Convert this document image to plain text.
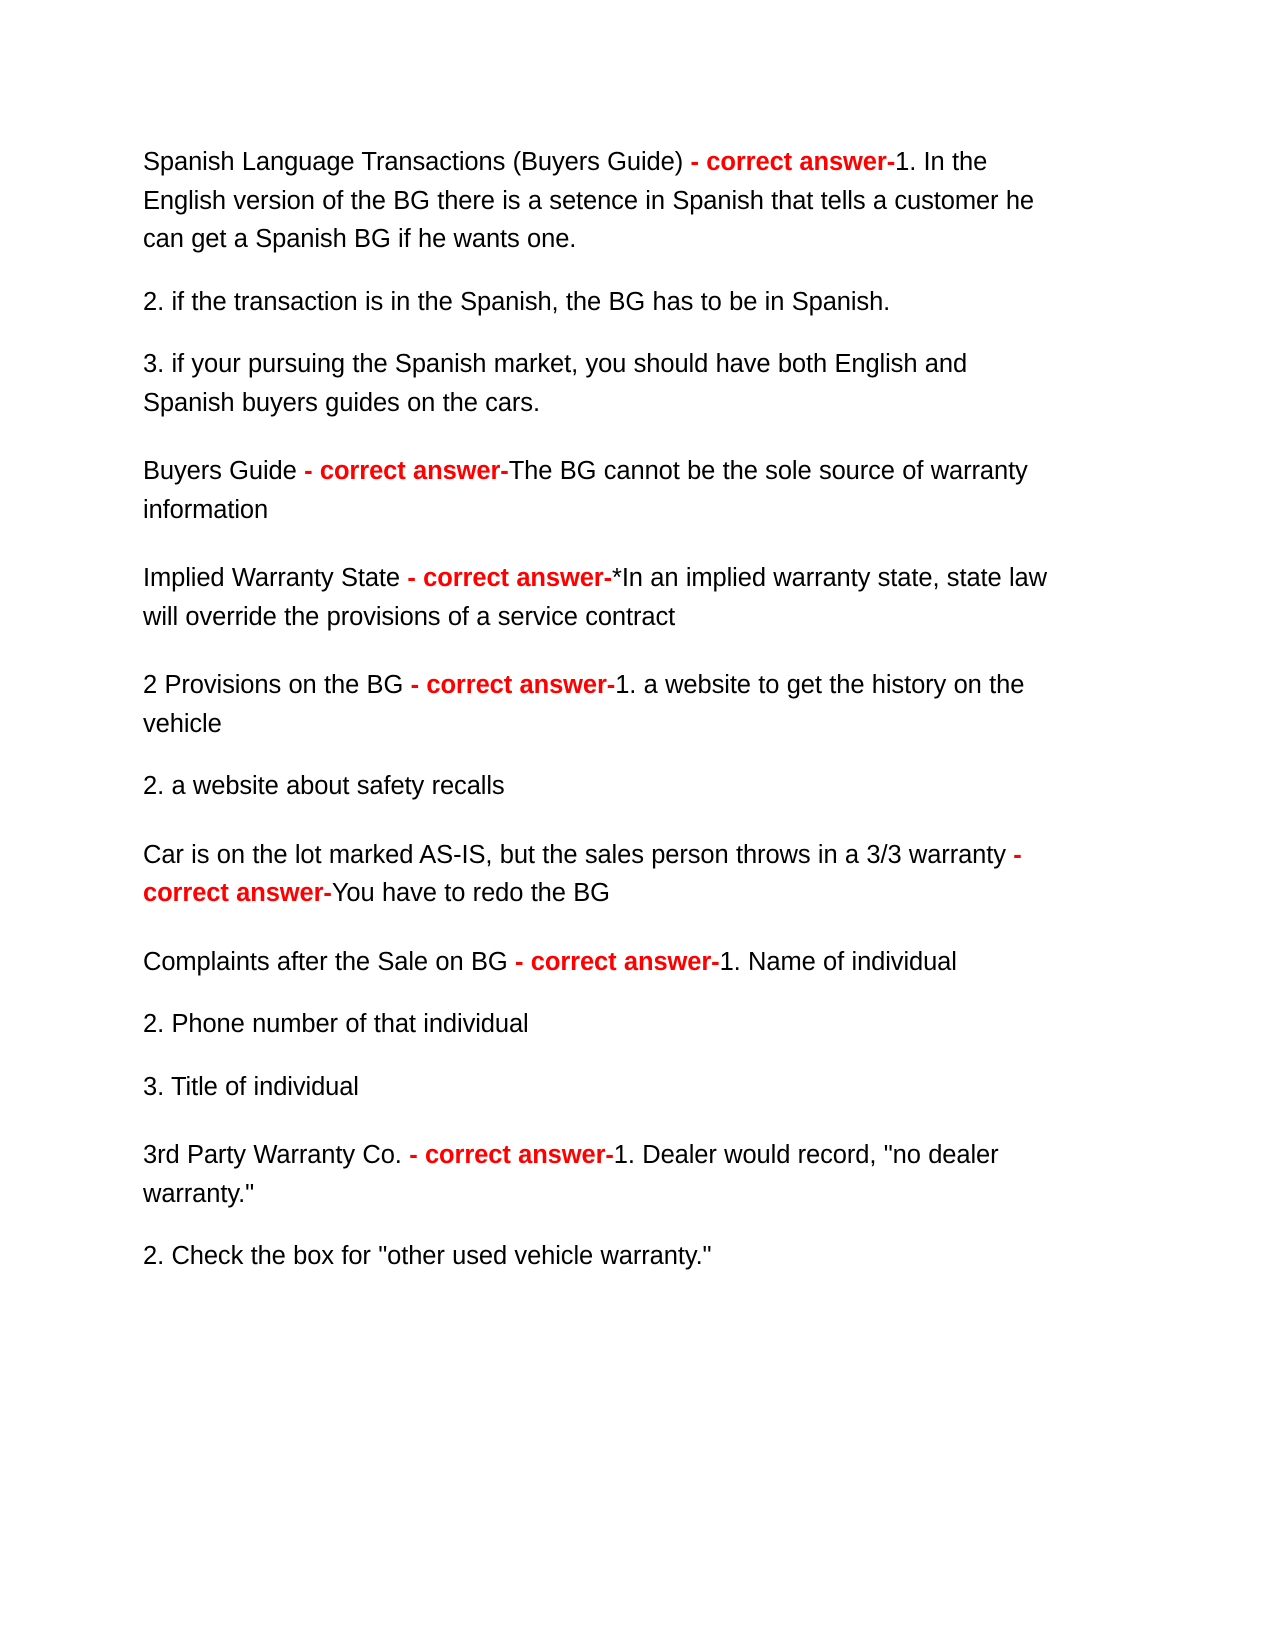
Spanish Language Transactions (Buyers Guide) - correct answer-1. In the English version of the BG there is a setence in Spanish that tells a customer he can get a Spanish BG if he wants one.

2. if the transaction is in the Spanish, the BG has to be in Spanish.

3. if your pursuing the Spanish market, you should have both English and Spanish buyers guides on the cars.

Buyers Guide - correct answer-The BG cannot be the sole source of warranty information

Implied Warranty State - correct answer-*In an implied warranty state, state law will override the provisions of a service contract

2 Provisions on the BG - correct answer-1. a website to get the history on the vehicle

2. a website about safety recalls

Car is on the lot marked AS-IS, but the sales person throws in a 3/3 warranty - correct answer-You have to redo the BG

Complaints after the Sale on BG - correct answer-1. Name of individual

2. Phone number of that individual

3. Title of individual

3rd Party Warranty Co. - correct answer-1. Dealer would record, "no dealer warranty."

2. Check the box for "other used vehicle warranty."
